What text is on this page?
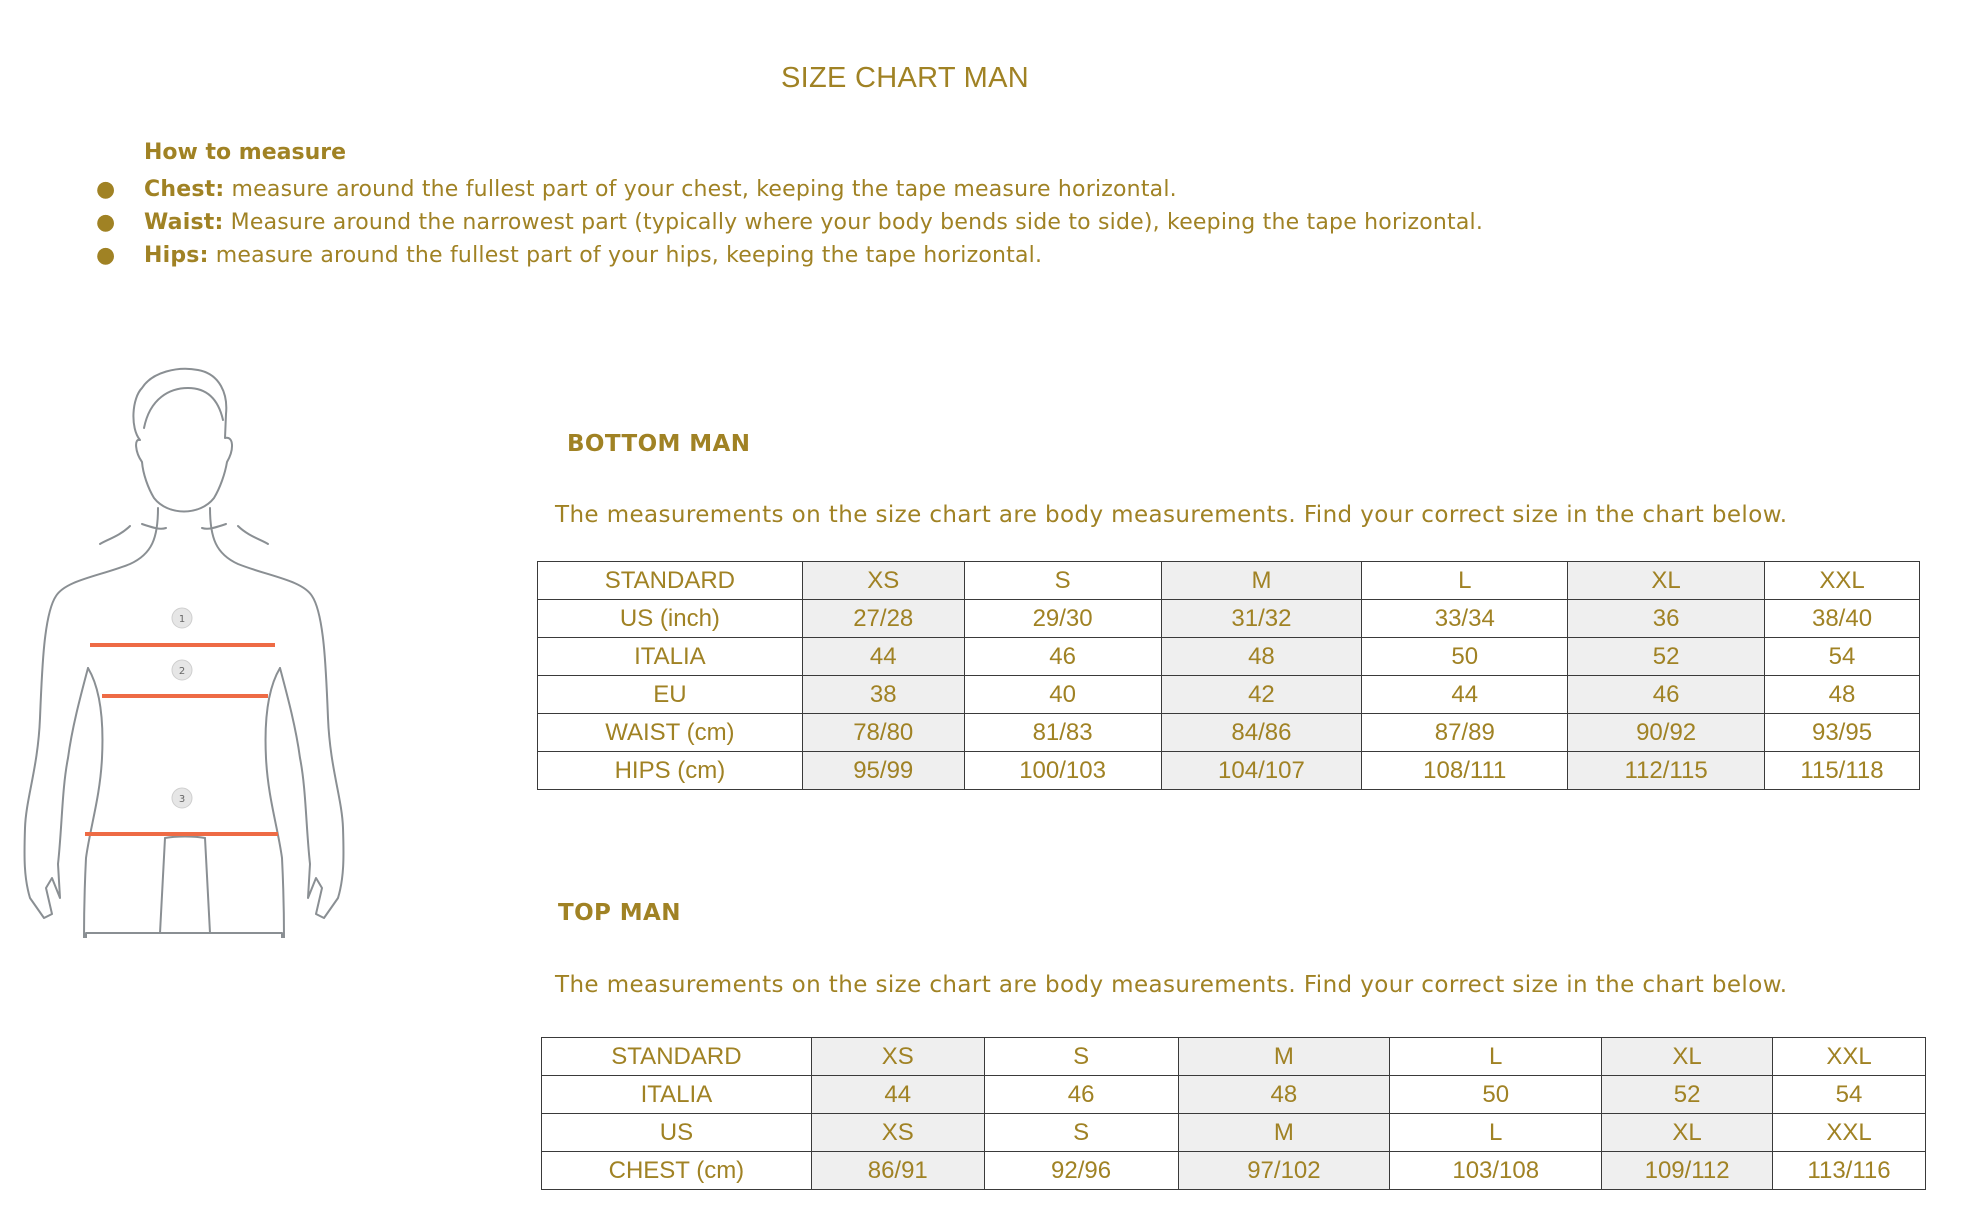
SIZE CHART MAN
How to measure
● Chest: measure around the fullest part of your chest, keeping the tape measure horizontal.
● Waist: Measure around the narrowest part (typically where your body bends side to side), keeping the tape horizontal.
● Hips: measure around the fullest part of your hips, keeping the tape horizontal.
1
2
3
BOTTOM MAN
The measurements on the size chart are body measurements. Find your correct size in the chart below.
STANDARD	XS	S	M	L	XL	XXL
US (inch)	27/28	29/30	31/32	33/34	36	38/40
ITALIA	44	46	48	50	52	54
EU	38	40	42	44	46	48
WAIST (cm)	78/80	81/83	84/86	87/89	90/92	93/95
HIPS (cm)	95/99	100/103	104/107	108/111	112/115	115/118
TOP MAN
The measurements on the size chart are body measurements. Find your correct size in the chart below.
STANDARD	XS	S	M	L	XL	XXL
ITALIA	44	46	48	50	52	54
US	XS	S	M	L	XL	XXL
CHEST (cm)	86/91	92/96	97/102	103/108	109/112	113/116
